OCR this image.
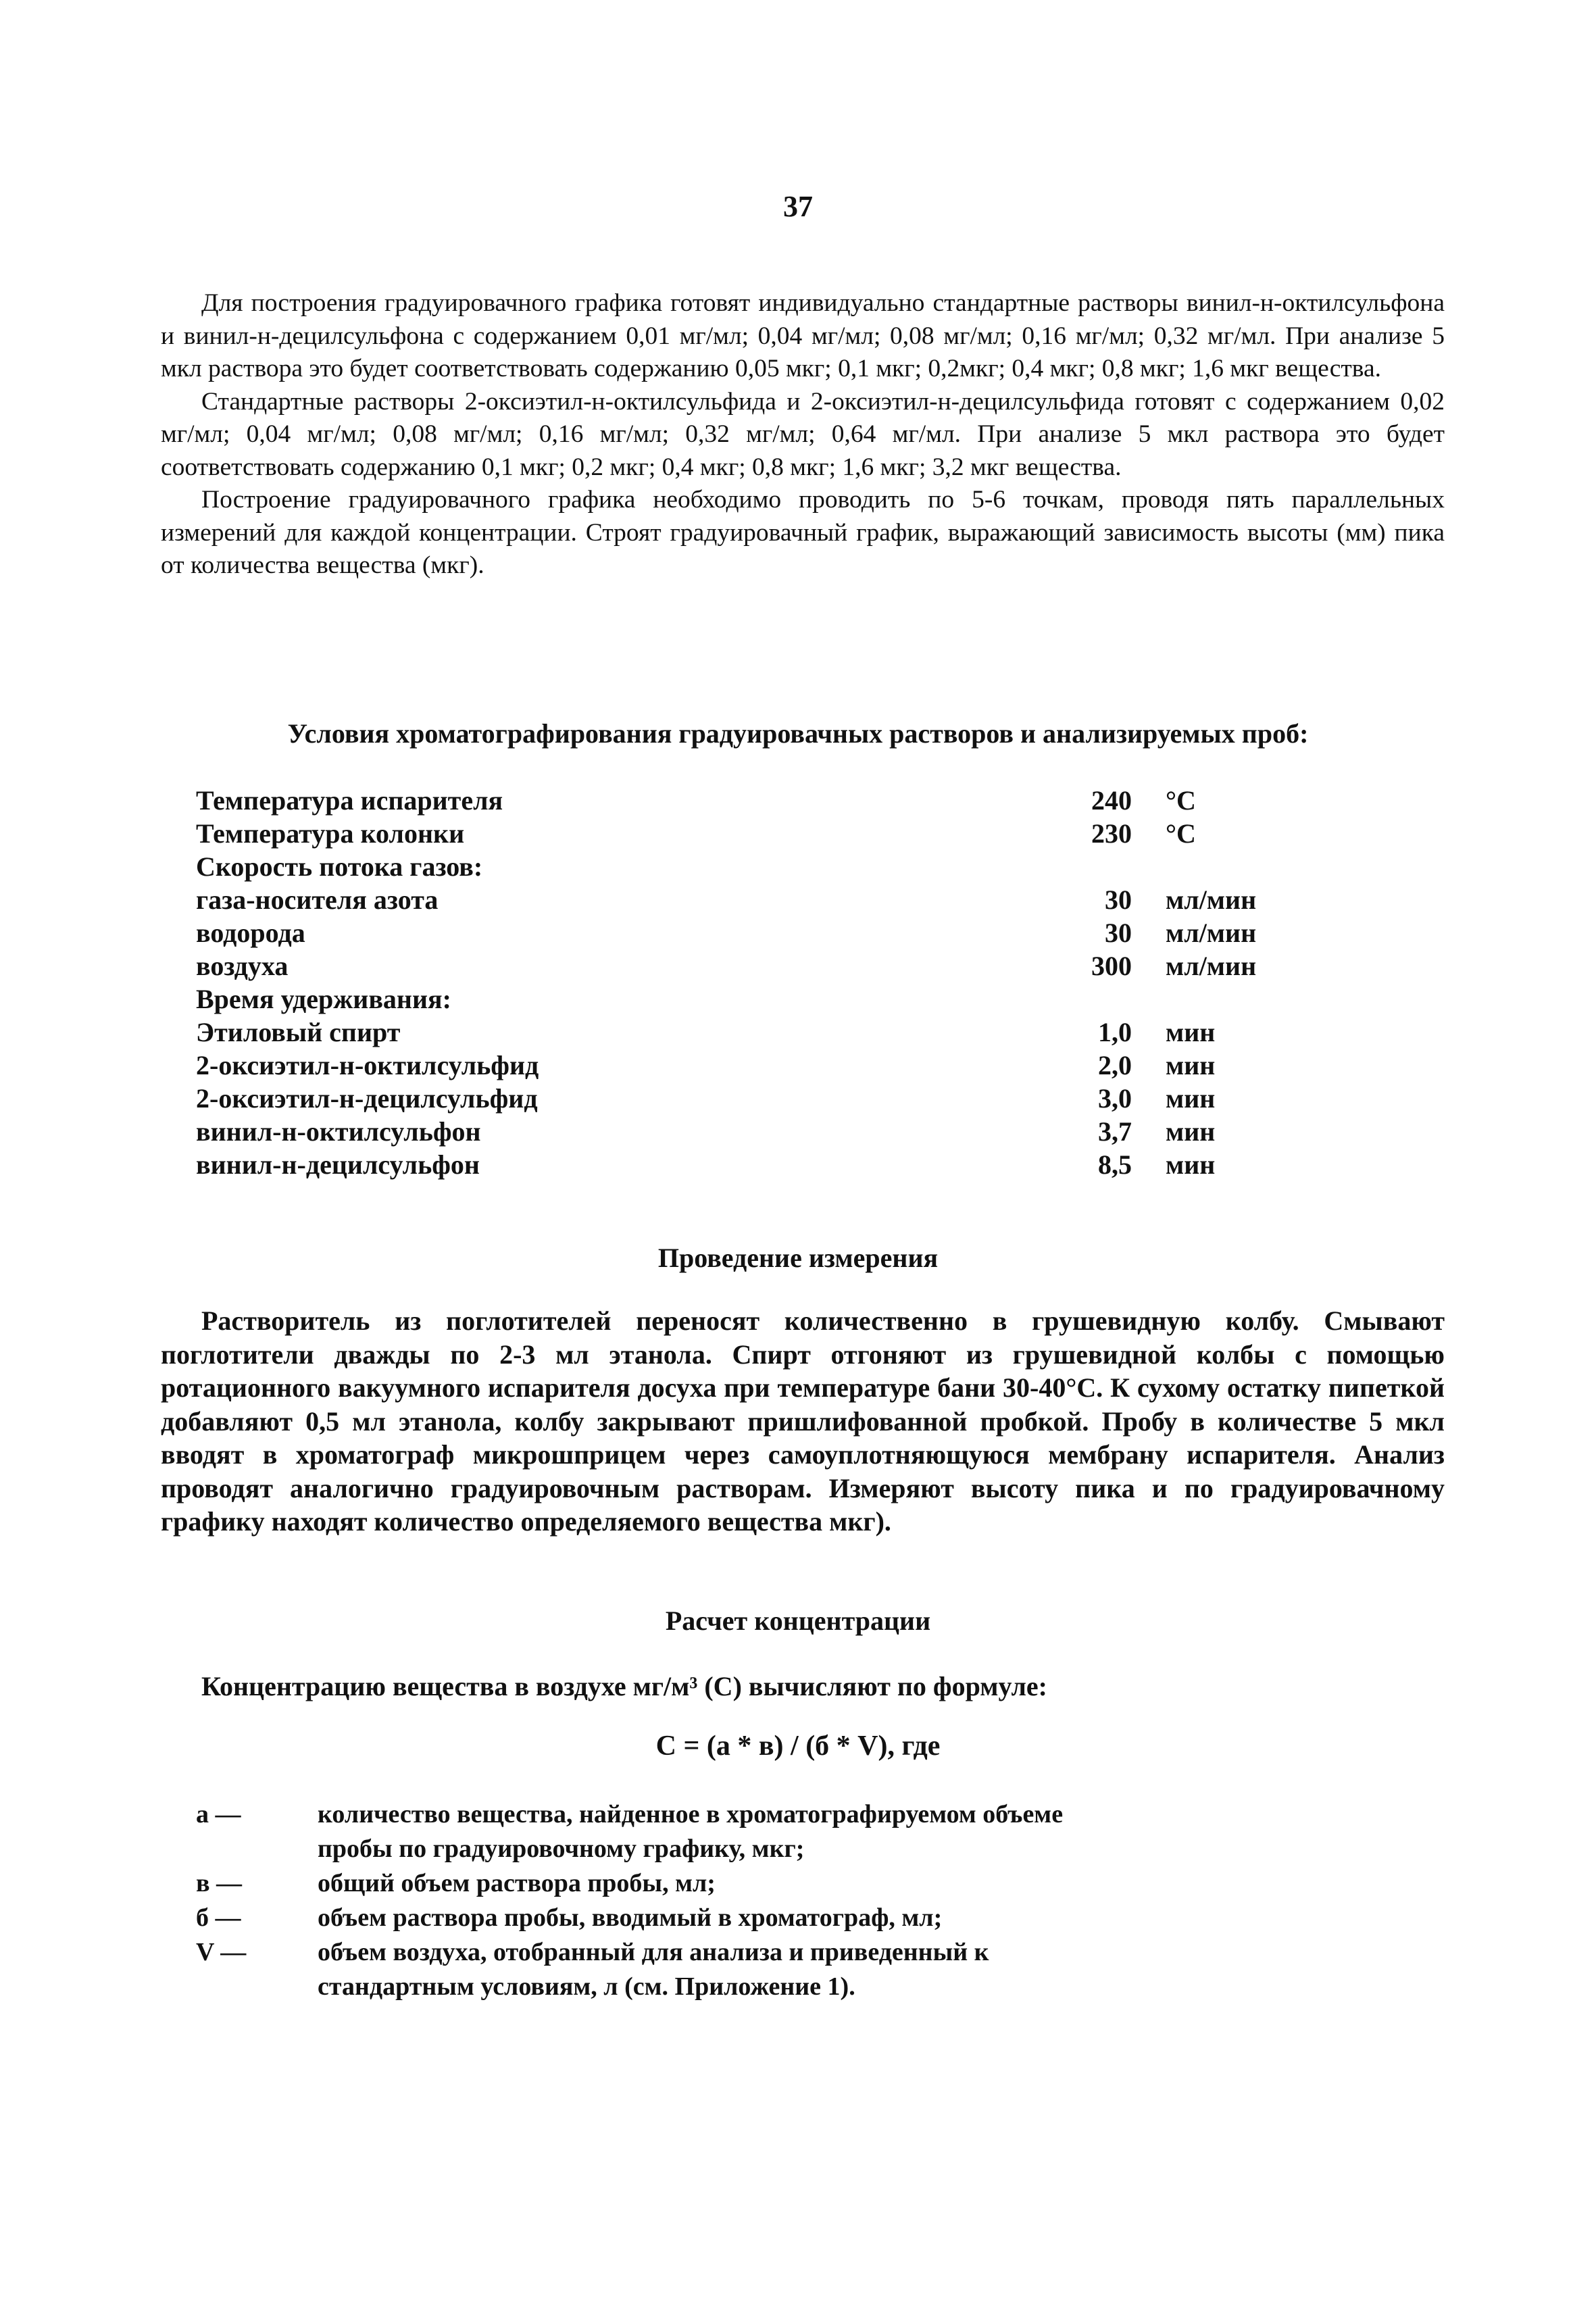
37

Для построения градуировачного графика готовят индивидуально стандартные растворы винил-н-октилсульфона и винил-н-децилсульфона с содержанием 0,01 мг/мл; 0,04 мг/мл; 0,08 мг/мл; 0,16 мг/мл; 0,32 мг/мл. При анализе 5 мкл раствора это будет соответствовать содержанию 0,05 мкг; 0,1 мкг; 0,2мкг; 0,4 мкг; 0,8 мкг; 1,6 мкг вещества.

Стандартные растворы 2-оксиэтил-н-октилсульфида и 2-оксиэтил-н-децилсульфида готовят с содержанием 0,02 мг/мл; 0,04 мг/мл; 0,08 мг/мл; 0,16 мг/мл; 0,32 мг/мл; 0,64 мг/мл. При анализе 5 мкл раствора это будет соответствовать содержанию 0,1 мкг; 0,2 мкг; 0,4 мкг; 0,8 мкг; 1,6 мкг; 3,2 мкг вещества.

Построение градуировачного графика необходимо проводить по 5-6 точкам, проводя пять параллельных измерений для каждой концентрации. Строят градуировачный график, выражающий зависимость высоты (мм) пика от количества вещества (мкг).

Условия хроматографирования градуировачных растворов и анализируемых проб:
Температура испарителя	240	°С
Температура колонки	230	°С
Скорость потока газов:
газа-носителя азота	30	мл/мин
водорода	30	мл/мин
воздуха	300	мл/мин
Время удерживания:
Этиловый спирт	1,0	мин
2-оксиэтил-н-октилсульфид	2,0	мин
2-оксиэтил-н-децилсульфид	3,0	мин
винил-н-октилсульфон	3,7	мин
винил-н-децилсульфон	8,5	мин
Проведение измерения

Растворитель из поглотителей переносят количественно в грушевидную колбу. Смывают поглотители дважды по 2-3 мл этанола. Спирт отгоняют из грушевидной колбы с помощью ротационного вакуумного испарителя досуха при температуре бани 30-40°С. К сухому остатку пипеткой добавляют 0,5 мл этанола, колбу закрывают пришлифованной пробкой. Пробу в количестве 5 мкл вводят в хроматограф микрошприцем через самоуплотняющуюся мембрану испарителя. Анализ проводят аналогично градуировочным растворам. Измеряют высоту пика и по градуировачному графику находят количество определяемого вещества мкг).

Расчет концентрации
Концентрацию вещества в воздухе мг/м³ (С) вычисляют по формуле:
С = (а * в) / (б * V), где
а —	количество вещества, найденное в хроматографируемом объеме пробы по градуировочному графику, мкг;
в —	общий объем раствора пробы, мл;
б —	объем раствора пробы, вводимый в хроматограф, мл;
V —	объем воздуха, отобранный для анализа и приведенный к стандартным условиям, л (см. Приложение 1).
